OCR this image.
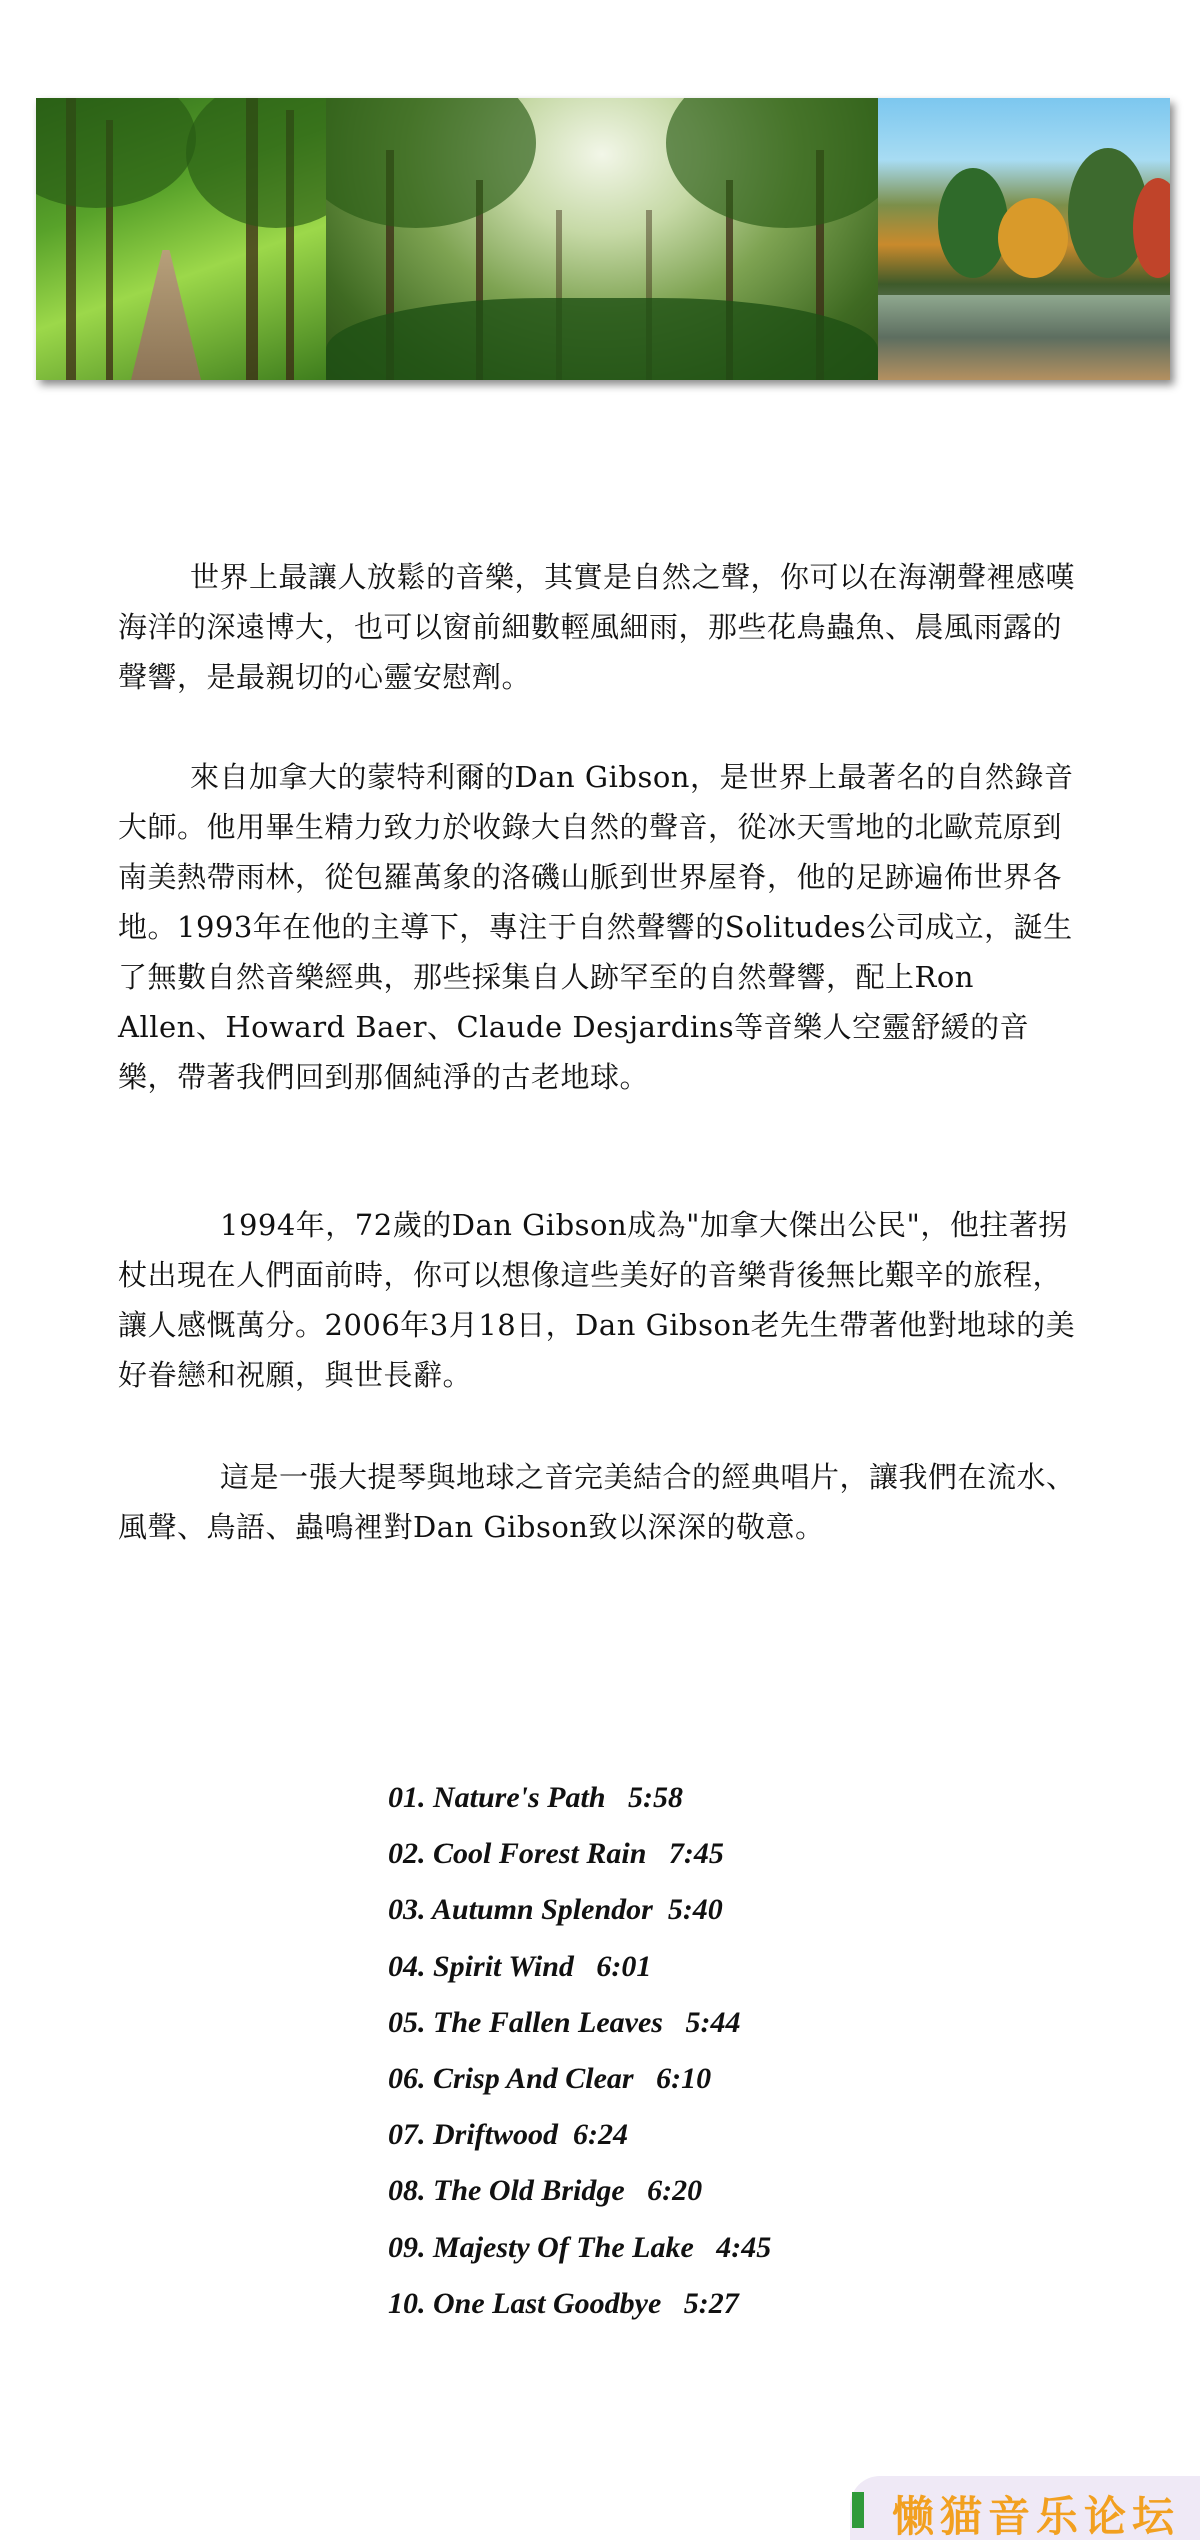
世界上最讓人放鬆的音樂，其實是自然之聲，你可以在海潮聲裡感嘆海洋的深遠博大，也可以窗前細數輕風細雨，那些花鳥蟲魚、晨風雨露的聲響，是最親切的心靈安慰劑。

來自加拿大的蒙特利爾的Dan Gibson，是世界上最著名的自然錄音大師。他用畢生精力致力於收錄大自然的聲音，從冰天雪地的北歐荒原到南美熱帶雨林，從包羅萬象的洛磯山脈到世界屋脊，他的足跡遍佈世界各地。1993年在他的主導下，專注于自然聲響的Solitudes公司成立，誕生了無數自然音樂經典，那些採集自人跡罕至的自然聲響，配上Ron Allen、Howard Baer、Claude Desjardins等音樂人空靈舒緩的音樂，帶著我們回到那個純淨的古老地球。

1994年，72歲的Dan Gibson成為"加拿大傑出公民"，他拄著拐杖出現在人們面前時，你可以想像這些美好的音樂背後無比艱辛的旅程，讓人感慨萬分。2006年3月18日，Dan Gibson老先生帶著他對地球的美好眷戀和祝願，與世長辭。

這是一張大提琴與地球之音完美結合的經典唱片，讓我們在流水、風聲、鳥語、蟲鳴裡對Dan Gibson致以深深的敬意。

01. Nature's Path   5:58
02. Cool Forest Rain   7:45
03. Autumn Splendor  5:40
04. Spirit Wind   6:01
05. The Fallen Leaves   5:44
06. Crisp And Clear   6:10
07. Driftwood  6:24
08. The Old Bridge   6:20
09. Majesty Of The Lake   4:45
10. One Last Goodbye   5:27
懒猫音乐论坛
